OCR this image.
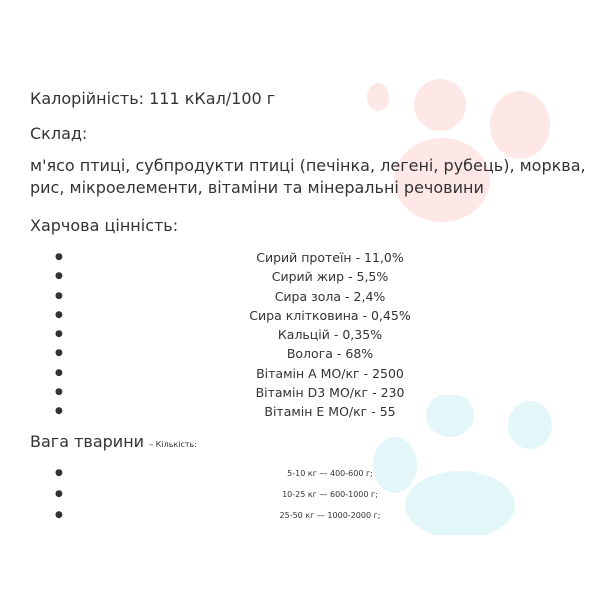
Калорійність: 111 кКал/100 г
Склад:
м'ясо птиці, субпродукти птиці (печінка, легені, рубець), морква, рис, мікроелементи, вітаміни та мінеральні речовини
Харчова цінність:
●	Сирий протеїн - 11,0%
●	Сирий жир - 5,5%
●	Сира зола - 2,4%
●	Сира клітковина - 0,45%
●	Кальцій - 0,35%
●	Волога - 68%
●	Вітамін А МО/кг - 2500
●	Вітамін D3 МО/кг - 230
●	Вітамін Е МО/кг - 55
Вага тварини – Кількість:
●	5-10 кг — 400-600 г;
●	10-25 кг — 600-1000 г;
●	25-50 кг — 1000-2000 г;
